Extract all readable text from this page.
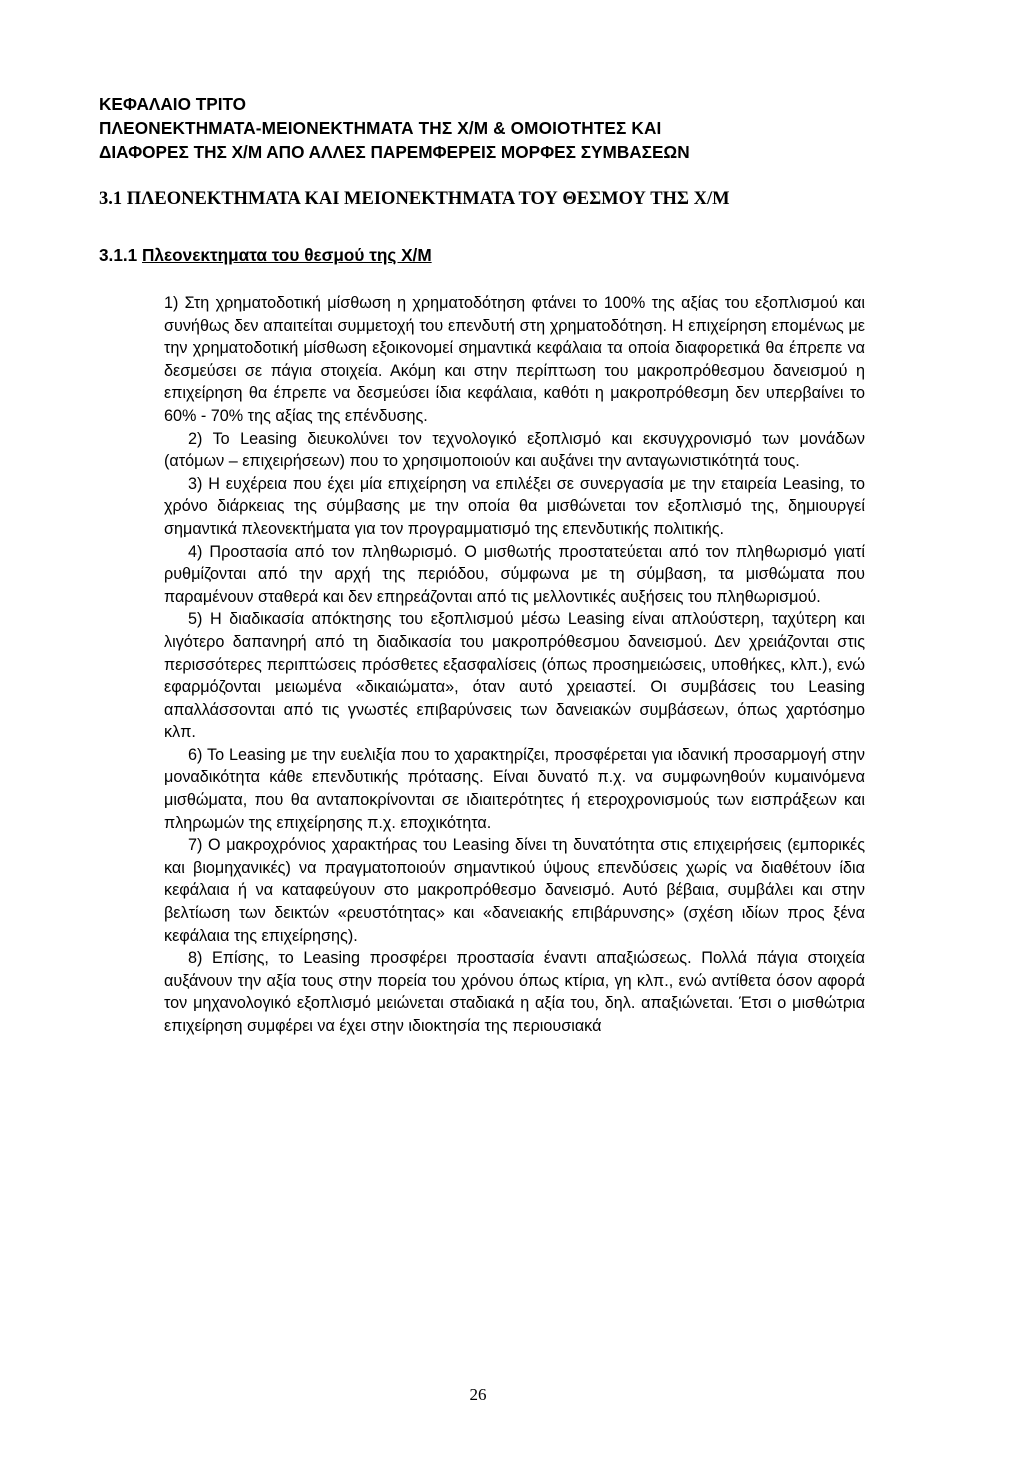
ΚΕΦΑΛΑΙΟ ΤΡΙΤΟ
ΠΛΕΟΝΕΚΤΗΜΑΤΑ-ΜΕΙΟΝΕΚΤΗΜΑΤΑ ΤΗΣ Χ/Μ & ΟΜΟΙΟΤΗΤΕΣ ΚΑΙ
ΔΙΑΦΟΡΕΣ ΤΗΣ Χ/Μ ΑΠΟ ΑΛΛΕΣ ΠΑΡΕΜΦΕΡΕΙΣ ΜΟΡΦΕΣ ΣΥΜΒΑΣΕΩΝ
3.1 ΠΛΕΟΝΕΚΤΗΜΑΤΑ ΚΑΙ ΜΕΙΟΝΕΚΤΗΜΑΤΑ ΤΟΥ ΘΕΣΜΟΥ ΤΗΣ Χ/Μ
3.1.1 Πλεονεκτηματα του θεσμού της Χ/Μ

1) Στη χρηματοδοτική μίσθωση η χρηματοδότηση φτάνει το 100% της αξίας του εξοπλισμού και συνήθως δεν απαιτείται συμμετοχή του επενδυτή στη χρηματοδότηση. Η επιχείρηση επομένως με την χρηματοδοτική μίσθωση εξοικονομεί σημαντικά κεφάλαια τα οποία διαφορετικά θα έπρεπε να δεσμεύσει σε πάγια στοιχεία. Ακόμη και στην περίπτωση του μακροπρόθεσμου δανεισμού η επιχείρηση θα έπρεπε να δεσμεύσει ίδια κεφάλαια, καθότι η μακροπρόθεσμη δεν υπερβαίνει το 60% - 70% της αξίας της επένδυσης.

2) Το Leasing διευκολύνει τον τεχνολογικό εξοπλισμό και εκσυγχρονισμό των μονάδων (ατόμων – επιχειρήσεων) που το χρησιμοποιούν και αυξάνει την ανταγωνιστικότητά τους.

3) Η ευχέρεια που έχει μία επιχείρηση να επιλέξει σε συνεργασία με την εταιρεία Leasing, το χρόνο διάρκειας της σύμβασης με την οποία θα μισθώνεται τον εξοπλισμό της, δημιουργεί σημαντικά πλεονεκτήματα για τον προγραμματισμό της επενδυτικής πολιτικής.

4) Προστασία από τον πληθωρισμό. Ο μισθωτής προστατεύεται από τον πληθωρισμό γιατί ρυθμίζονται από την αρχή της περιόδου, σύμφωνα με τη σύμβαση, τα μισθώματα που παραμένουν σταθερά και δεν επηρεάζονται από τις μελλοντικές αυξήσεις του πληθωρισμού.

5) Η διαδικασία απόκτησης του εξοπλισμού μέσω Leasing είναι απλούστερη, ταχύτερη και λιγότερο δαπανηρή από τη διαδικασία του μακροπρόθεσμου δανεισμού. Δεν χρειάζονται στις περισσότερες περιπτώσεις πρόσθετες εξασφαλίσεις (όπως προσημειώσεις, υποθήκες, κλπ.), ενώ εφαρμόζονται μειωμένα «δικαιώματα», όταν αυτό χρειαστεί. Οι συμβάσεις του Leasing απαλλάσσονται από τις γνωστές επιβαρύνσεις των δανειακών συμβάσεων, όπως χαρτόσημο κλπ.

6) Το Leasing με την ευελιξία που το χαρακτηρίζει, προσφέρεται για ιδανική προσαρμογή στην μοναδικότητα κάθε επενδυτικής πρότασης. Είναι δυνατό π.χ. να συμφωνηθούν κυμαινόμενα μισθώματα, που θα ανταποκρίνονται σε ιδιαιτερότητες ή ετεροχρονισμούς των εισπράξεων και πληρωμών της επιχείρησης π.χ. εποχικότητα.

7) Ο μακροχρόνιος χαρακτήρας του Leasing δίνει τη δυνατότητα στις επιχειρήσεις (εμπορικές και βιομηχανικές) να πραγματοποιούν σημαντικού ύψους επενδύσεις χωρίς να διαθέτουν ίδια κεφάλαια ή να καταφεύγουν στο μακροπρόθεσμο δανεισμό. Αυτό βέβαια, συμβάλει και στην βελτίωση των δεικτών «ρευστότητας» και «δανειακής επιβάρυνσης» (σχέση ιδίων προς ξένα κεφάλαια της επιχείρησης).

8) Επίσης, το Leasing προσφέρει προστασία έναντι απαξιώσεως. Πολλά πάγια στοιχεία αυξάνουν την αξία τους στην πορεία του χρόνου όπως κτίρια, γη κλπ., ενώ αντίθετα όσον αφορά τον μηχανολογικό εξοπλισμό μειώνεται σταδιακά η αξία του, δηλ. απαξιώνεται. Έτσι ο μισθώτρια επιχείρηση συμφέρει να έχει στην ιδιοκτησία της περιουσιακά

26
